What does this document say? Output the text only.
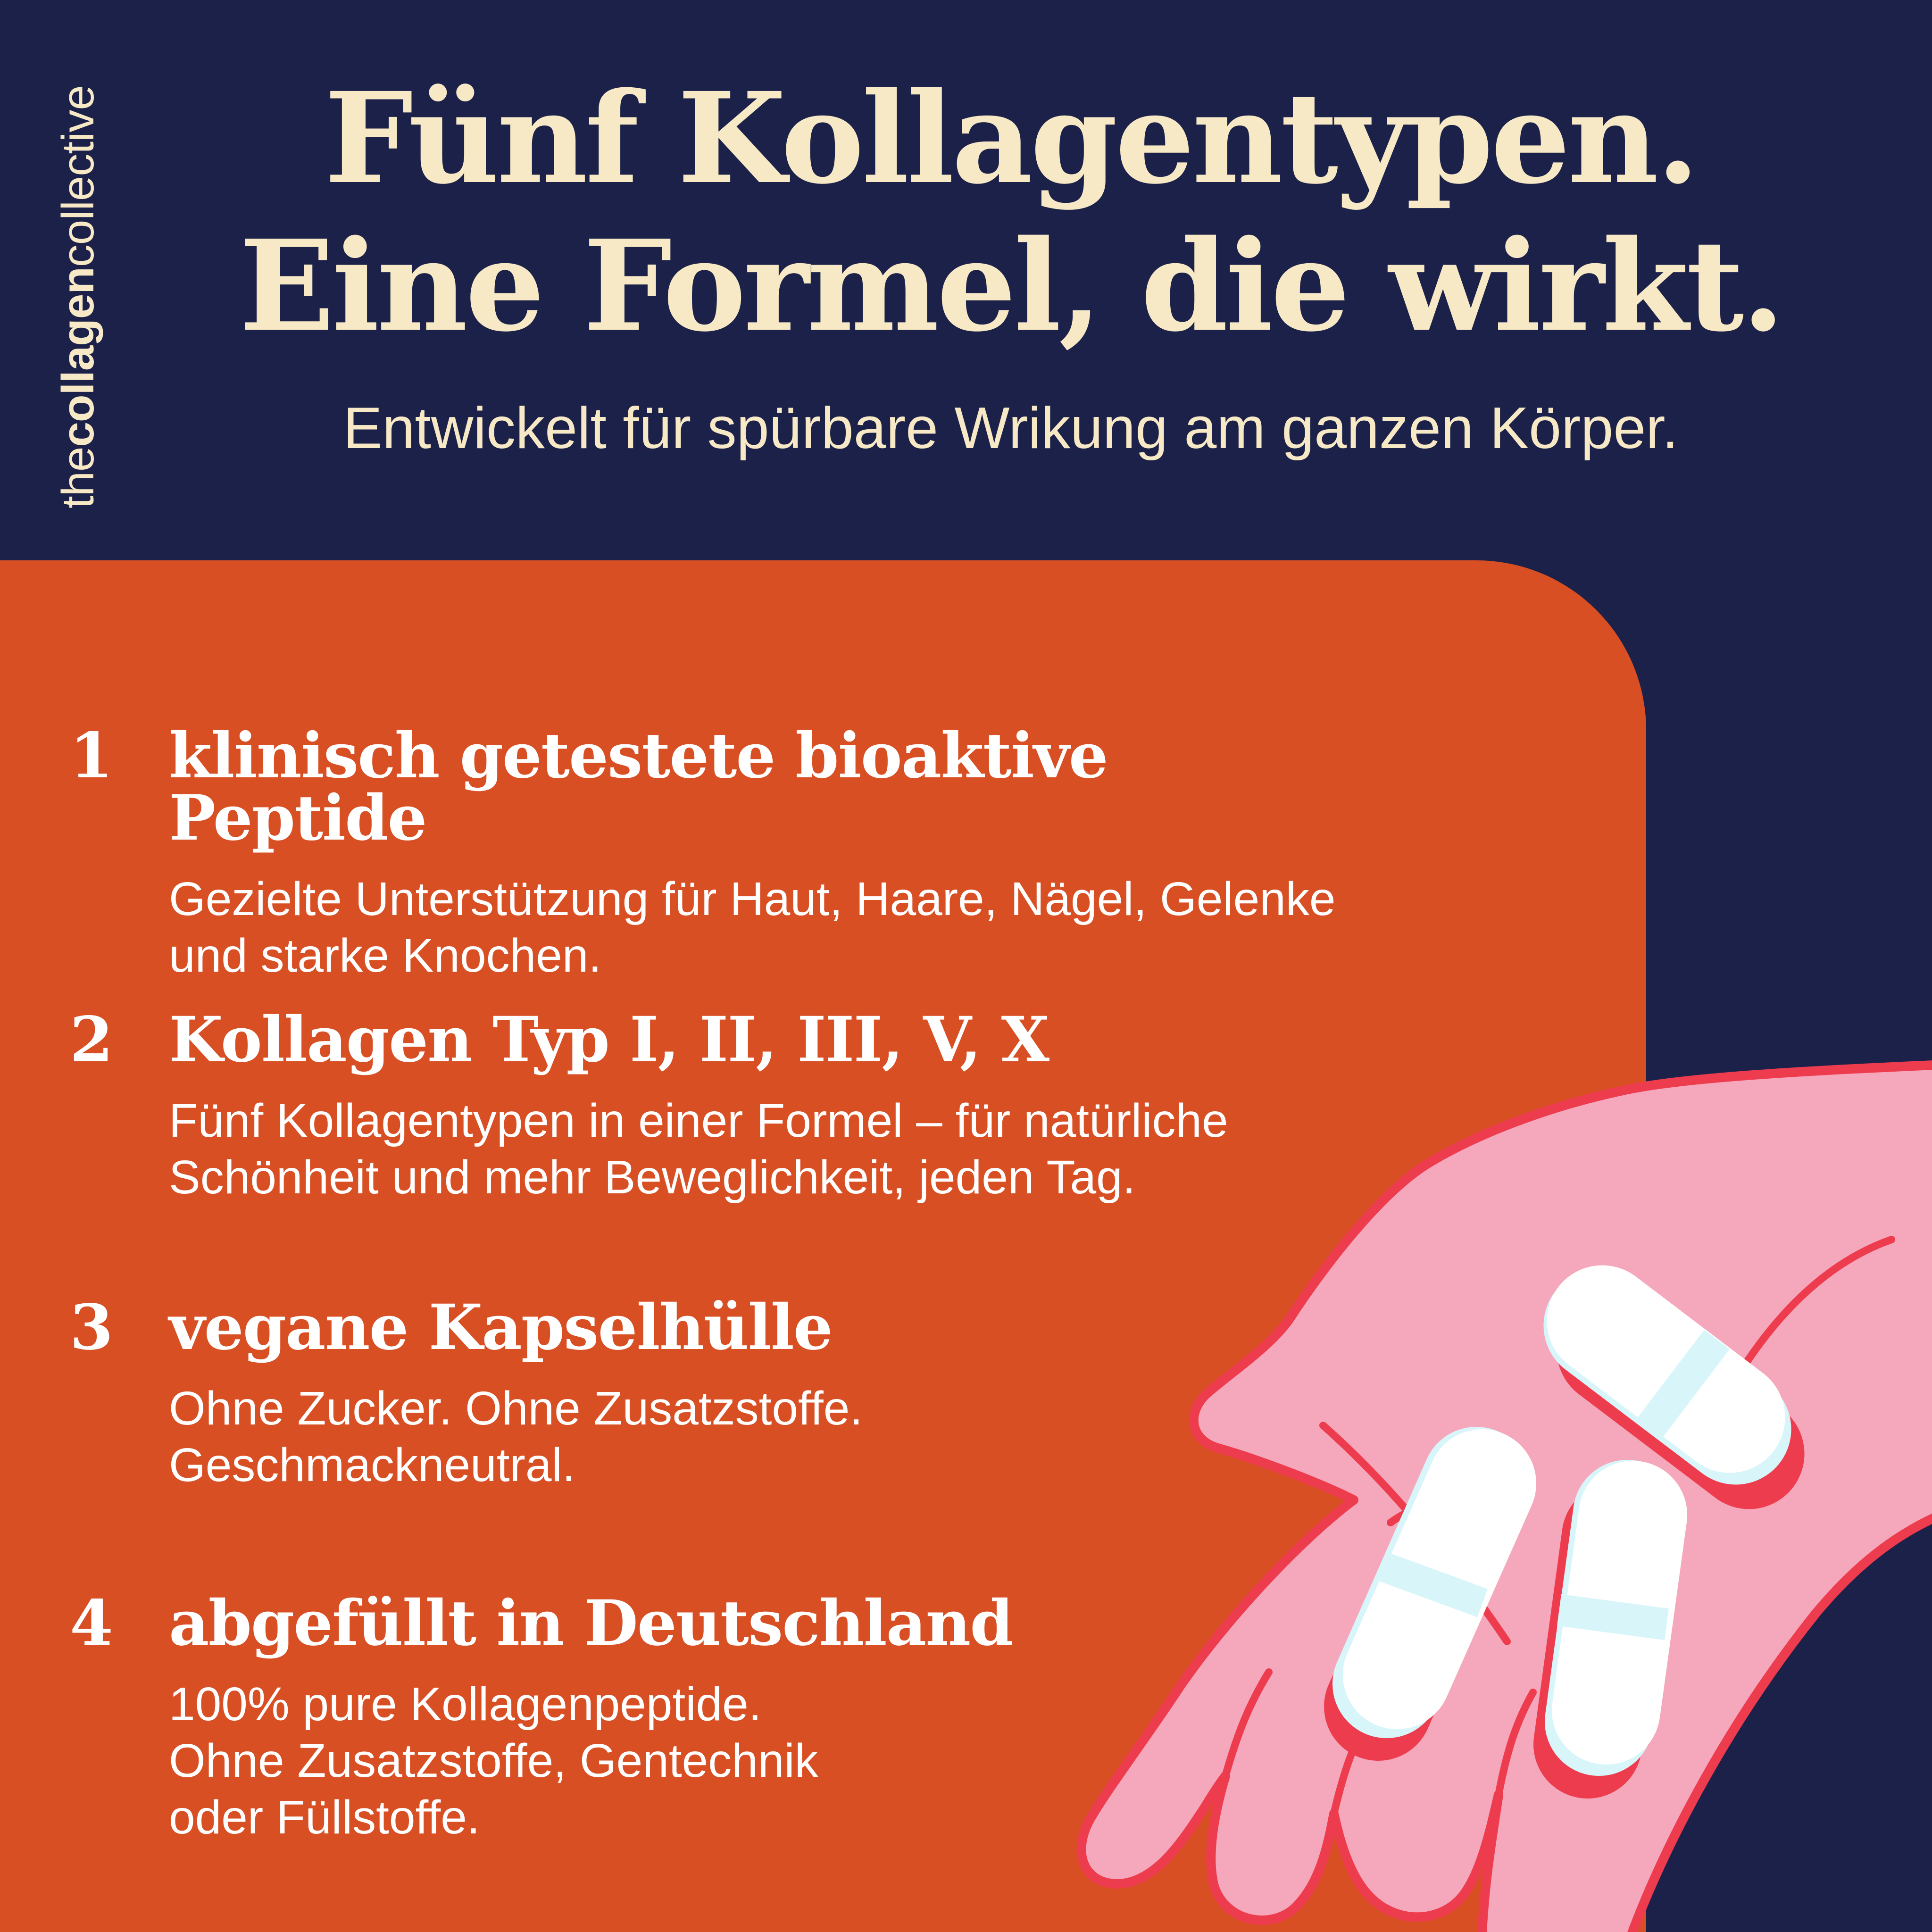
thecollagencollective	Fünf Kollagentypen.
Eine Formel, die wirkt.
Entwickelt für spürbare Wrikung am ganzen Körper.
1 klinisch getestete bioaktive Peptide
Gezielte Unterstützung für Haut, Haare, Nägel, Gelenke
und starke Knochen.
2 Kollagen Typ I, II, III, V, X
Fünf Kollagentypen in einer Formel – für natürliche
Schönheit und mehr Beweglichkeit, jeden Tag.
3 vegane Kapselhülle
Ohne Zucker. Ohne Zusatzstoffe.
Geschmackneutral.
4 abgefüllt in Deutschland
100% pure Kollagenpeptide.
Ohne Zusatzstoffe, Gentechnik
oder Füllstoffe.
